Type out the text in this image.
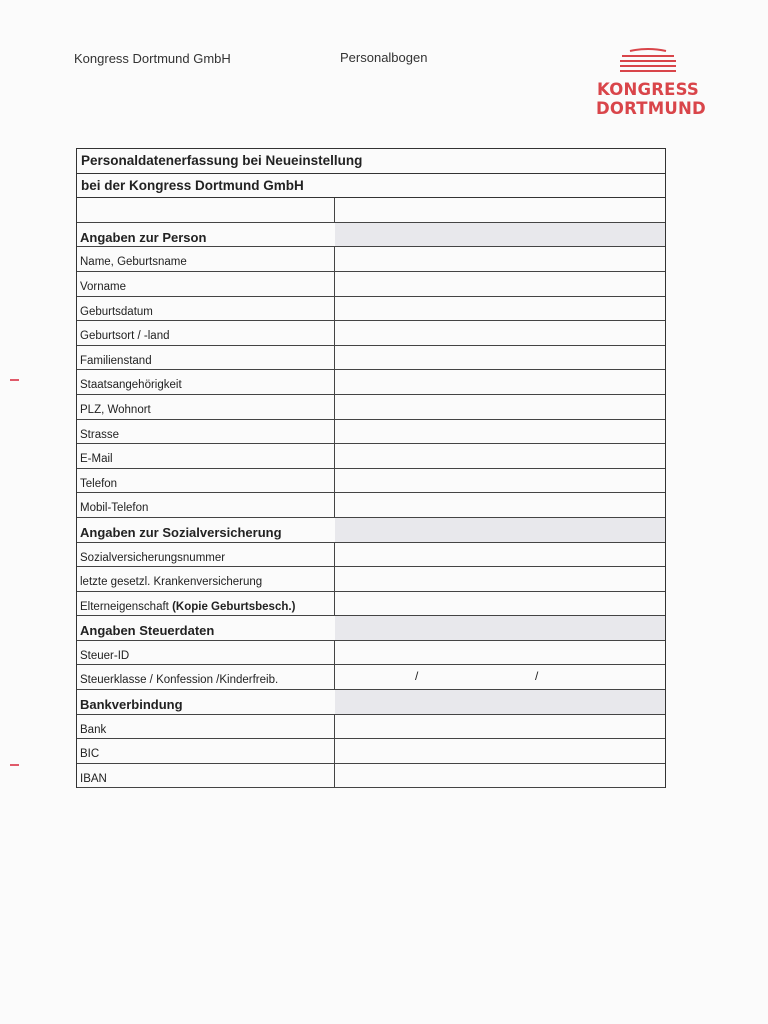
Kongress Dortmund GmbH	Personalbogen
KONGRESS
DORTMUND
Personaldatenerfassung bei Neueinstellung
bei der Kongress Dortmund GmbH
Angaben zur Person
Name, Geburtsname
Vorname
Geburtsdatum
Geburtsort / -land
Familienstand
Staatsangehörigkeit
PLZ, Wohnort
Strasse
E-Mail
Telefon
Mobil-Telefon
Angaben zur Sozialversicherung
Sozialversicherungsnummer
letzte gesetzl. Krankenversicherung
Elterneigenschaft (Kopie Geburtsbesch.)
Angaben Steuerdaten
Steuer-ID
Steuerklasse / Konfession /Kinderfreib.	/	/
Bankverbindung
Bank
BIC
IBAN
